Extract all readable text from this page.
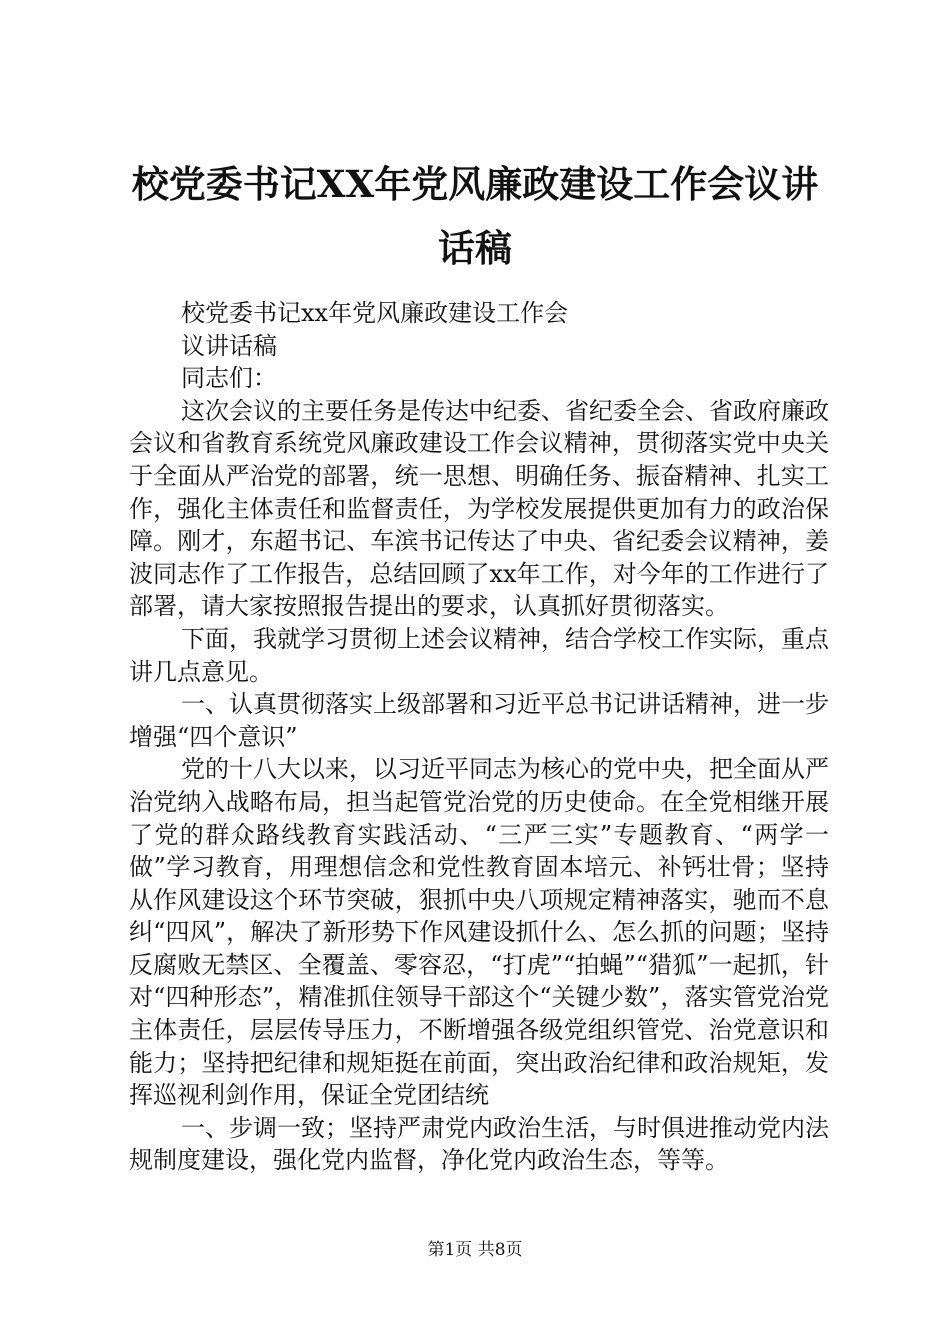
校党委书记XX年党风廉政建设工作会议讲话稿

校党委书记xx年党风廉政建设工作会

议讲话稿

同志们：

这次会议的主要任务是传达中纪委、省纪委全会、省政府廉政会议和省教育系统党风廉政建设工作会议精神，贯彻落实党中央关于全面从严治党的部署，统一思想、明确任务、振奋精神、扎实工作，强化主体责任和监督责任，为学校发展提供更加有力的政治保障。刚才，东超书记、车滨书记传达了中央、省纪委会议精神，姜波同志作了工作报告，总结回顾了xx年工作，对今年的工作进行了部署，请大家按照报告提出的要求，认真抓好贯彻落实。

下面，我就学习贯彻上述会议精神，结合学校工作实际，重点讲几点意见。

一、认真贯彻落实上级部署和习近平总书记讲话精神，进一步增强“四个意识”

党的十八大以来，以习近平同志为核心的党中央，把全面从严治党纳入战略布局，担当起管党治党的历史使命。在全党相继开展了党的群众路线教育实践活动、“三严三实”专题教育、“两学一做”学习教育，用理想信念和党性教育固本培元、补钙壮骨；坚持从作风建设这个环节突破，狠抓中央八项规定精神落实，驰而不息纠“四风”，解决了新形势下作风建设抓什么、怎么抓的问题；坚持反腐败无禁区、全覆盖、零容忍，“打虎”“拍蝇”“猎狐”一起抓，针对“四种形态”，精准抓住领导干部这个“关键少数”，落实管党治党主体责任，层层传导压力，不断增强各级党组织管党、治党意识和能力；坚持把纪律和规矩挺在前面，突出政治纪律和政治规矩，发挥巡视利剑作用，保证全党团结统

一、步调一致；坚持严肃党内政治生活，与时俱进推动党内法规制度建设，强化党内监督，净化党内政治生态，等等。

第1页 共8页
